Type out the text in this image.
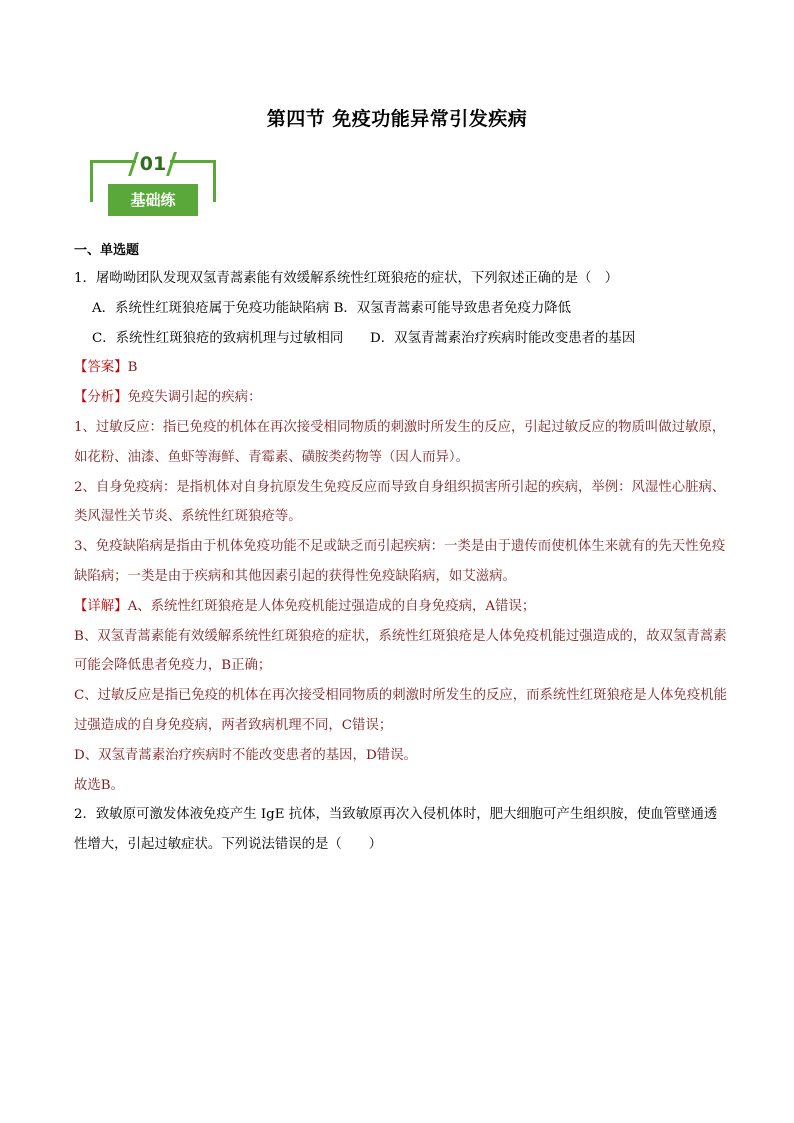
第四节 免疫功能异常引发疾病
01
基础练

一、单选题

1．屠呦呦团队发现双氢青蒿素能有效缓解系统性红斑狼疮的症状，下列叙述正确的是（　）

A．系统性红斑狼疮属于免疫功能缺陷病 B．双氢青蒿素可能导致患者免疫力降低

C．系统性红斑狼疮的致病机理与过敏相同　　D．双氢青蒿素治疗疾病时能改变患者的基因

【答案】B

【分析】免疫失调引起的疾病：

1、过敏反应：指已免疫的机体在再次接受相同物质的刺激时所发生的反应，引起过敏反应的物质叫做过敏原，如花粉、油漆、鱼虾等海鲜、青霉素、磺胺类药物等（因人而异）。

2、自身免疫病：是指机体对自身抗原发生免疫反应而导致自身组织损害所引起的疾病，举例：风湿性心脏病、类风湿性关节炎、系统性红斑狼疮等。

3、免疫缺陷病是指由于机体免疫功能不足或缺乏而引起疾病：一类是由于遗传而使机体生来就有的先天性免疫缺陷病；一类是由于疾病和其他因素引起的获得性免疫缺陷病，如艾滋病。

【详解】A、系统性红斑狼疮是人体免疫机能过强造成的自身免疫病，A错误；

B、双氢青蒿素能有效缓解系统性红斑狼疮的症状，系统性红斑狼疮是人体免疫机能过强造成的，故双氢青蒿素可能会降低患者免疫力，B正确；

C、过敏反应是指已免疫的机体在再次接受相同物质的刺激时所发生的反应，而系统性红斑狼疮是人体免疫机能过强造成的自身免疫病，两者致病机理不同，C错误；

D、双氢青蒿素治疗疾病时不能改变患者的基因，D错误。

故选B。

2．致敏原可激发体液免疫产生 IgE 抗体，当致敏原再次入侵机体时，肥大细胞可产生组织胺，使血管壁通透性增大，引起过敏症状。下列说法错误的是（　　）
